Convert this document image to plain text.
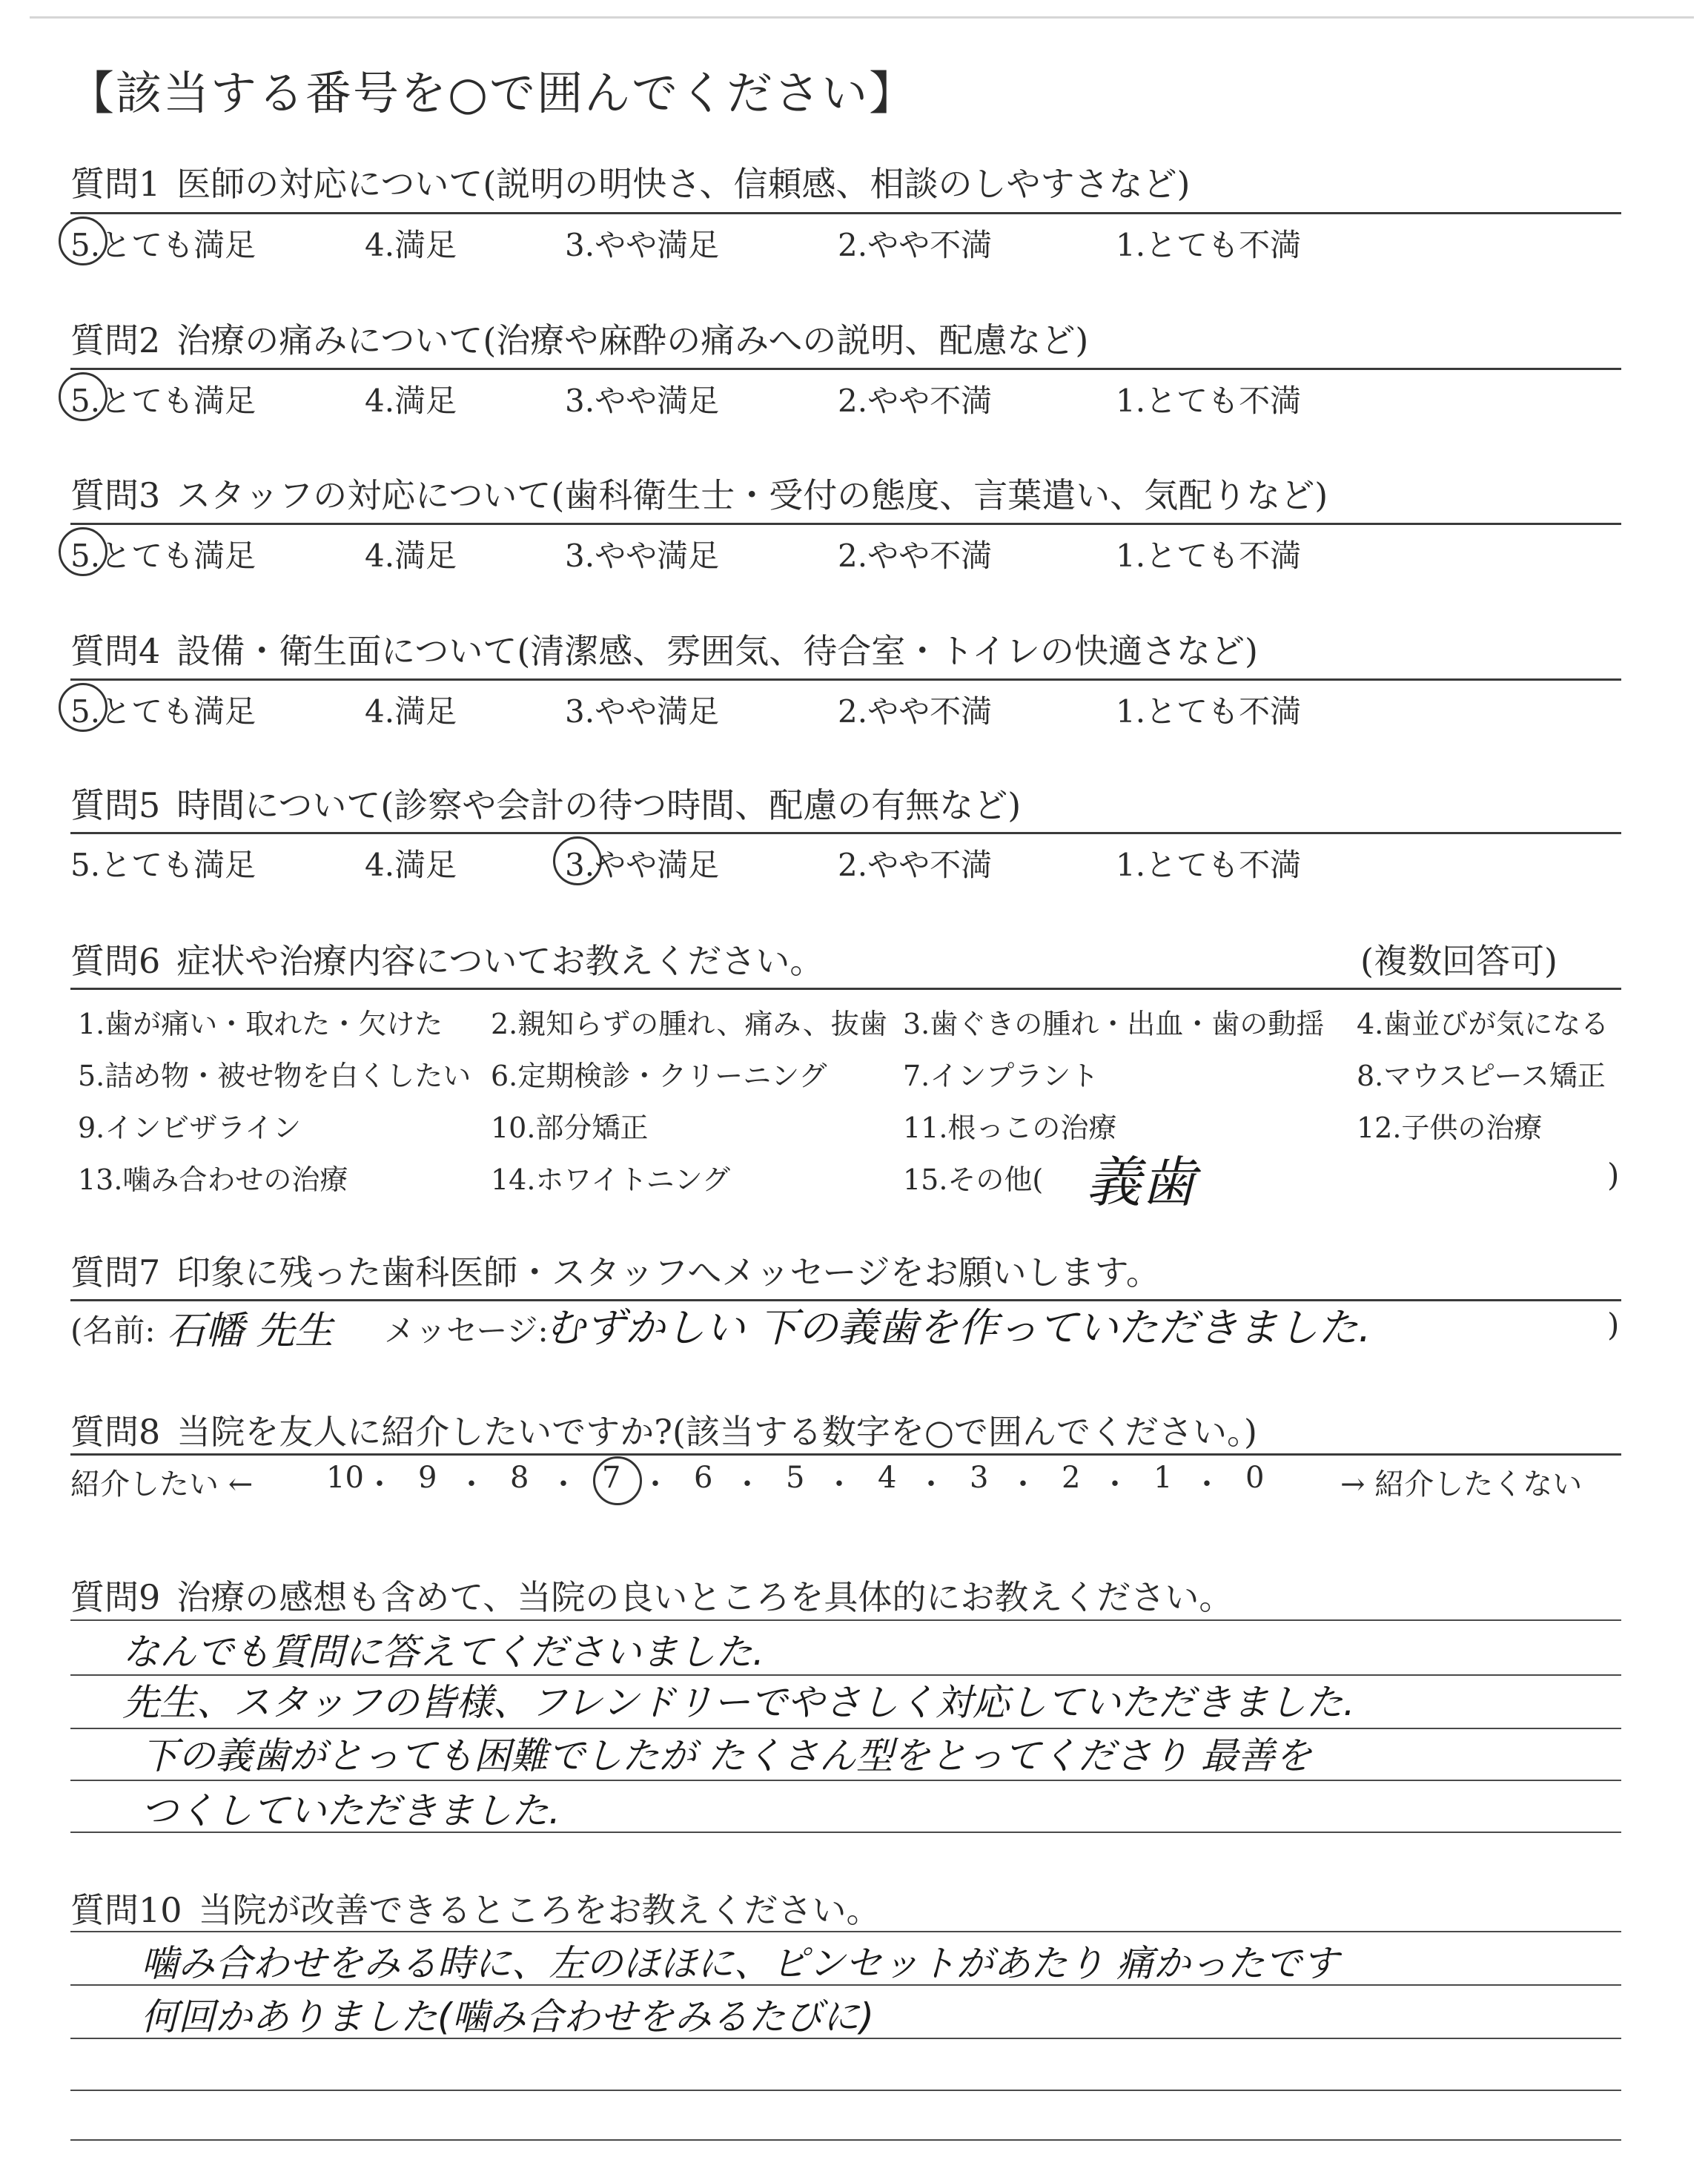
【該当する番号を○で囲んでください】
質問1 医師の対応について(説明の明快さ、信頼感、相談のしやすさなど)
5.とても満足	4.満足	3.やや満足	2.やや不満	1.とても不満
質問2 治療の痛みについて(治療や麻酔の痛みへの説明、配慮など)
5.とても満足	4.満足	3.やや満足	2.やや不満	1.とても不満
質問3 スタッフの対応について(歯科衛生士・受付の態度、言葉遣い、気配りなど)
5.とても満足	4.満足	3.やや満足	2.やや不満	1.とても不満
質問4 設備・衛生面について(清潔感、雰囲気、待合室・トイレの快適さなど)
5.とても満足	4.満足	3.やや満足	2.やや不満	1.とても不満
質問5 時間について(診察や会計の待つ時間、配慮の有無など)
5.とても満足	4.満足	3.やや満足	2.やや不満	1.とても不満
質問6 症状や治療内容についてお教えください。	(複数回答可)
1.歯が痛い・取れた・欠けた 2.親知らずの腫れ、痛み、抜歯 3.歯ぐきの腫れ・出血・歯の動揺 4.歯並びが気になる
5.詰め物・被せ物を白くしたい 6.定期検診・クリーニング	7.インプラント	8.マウスピース矯正
9.インビザライン	10.部分矯正	11.根っこの治療	12.子供の治療
13.噛み合わせの治療	14.ホワイトニング	15.その他(	)
義歯
質問7 印象に残った歯科医師・スタッフへメッセージをお願いします。
(名前: 石幡 先生 メッセージ:
むずかしい 下の義歯を作っていただきました.	)
質問8 当院を友人に紹介したいですか?(該当する数字を○で囲んでください。)
紹介したい ← 10 ・ 9 ・ 8 ・ 7 ・ 6 ・ 5 ・ 4 ・ 3 ・ 2 ・ 1 ・ 0	→ 紹介したくない
質問9 治療の感想も含めて、当院の良いところを具体的にお教えください。
なんでも質問に答えてくださいました.
先生、スタッフの皆様、フレンドリーでやさしく対応していただきました.
下の義歯がとっても困難でしたが たくさん型をとってくださり 最善を
つくしていただきました.
質問10 当院が改善できるところをお教えください。
噛み合わせをみる時に、左のほほに、ピンセットがあたり 痛かったです
何回かありました(噛み合わせをみるたびに)
